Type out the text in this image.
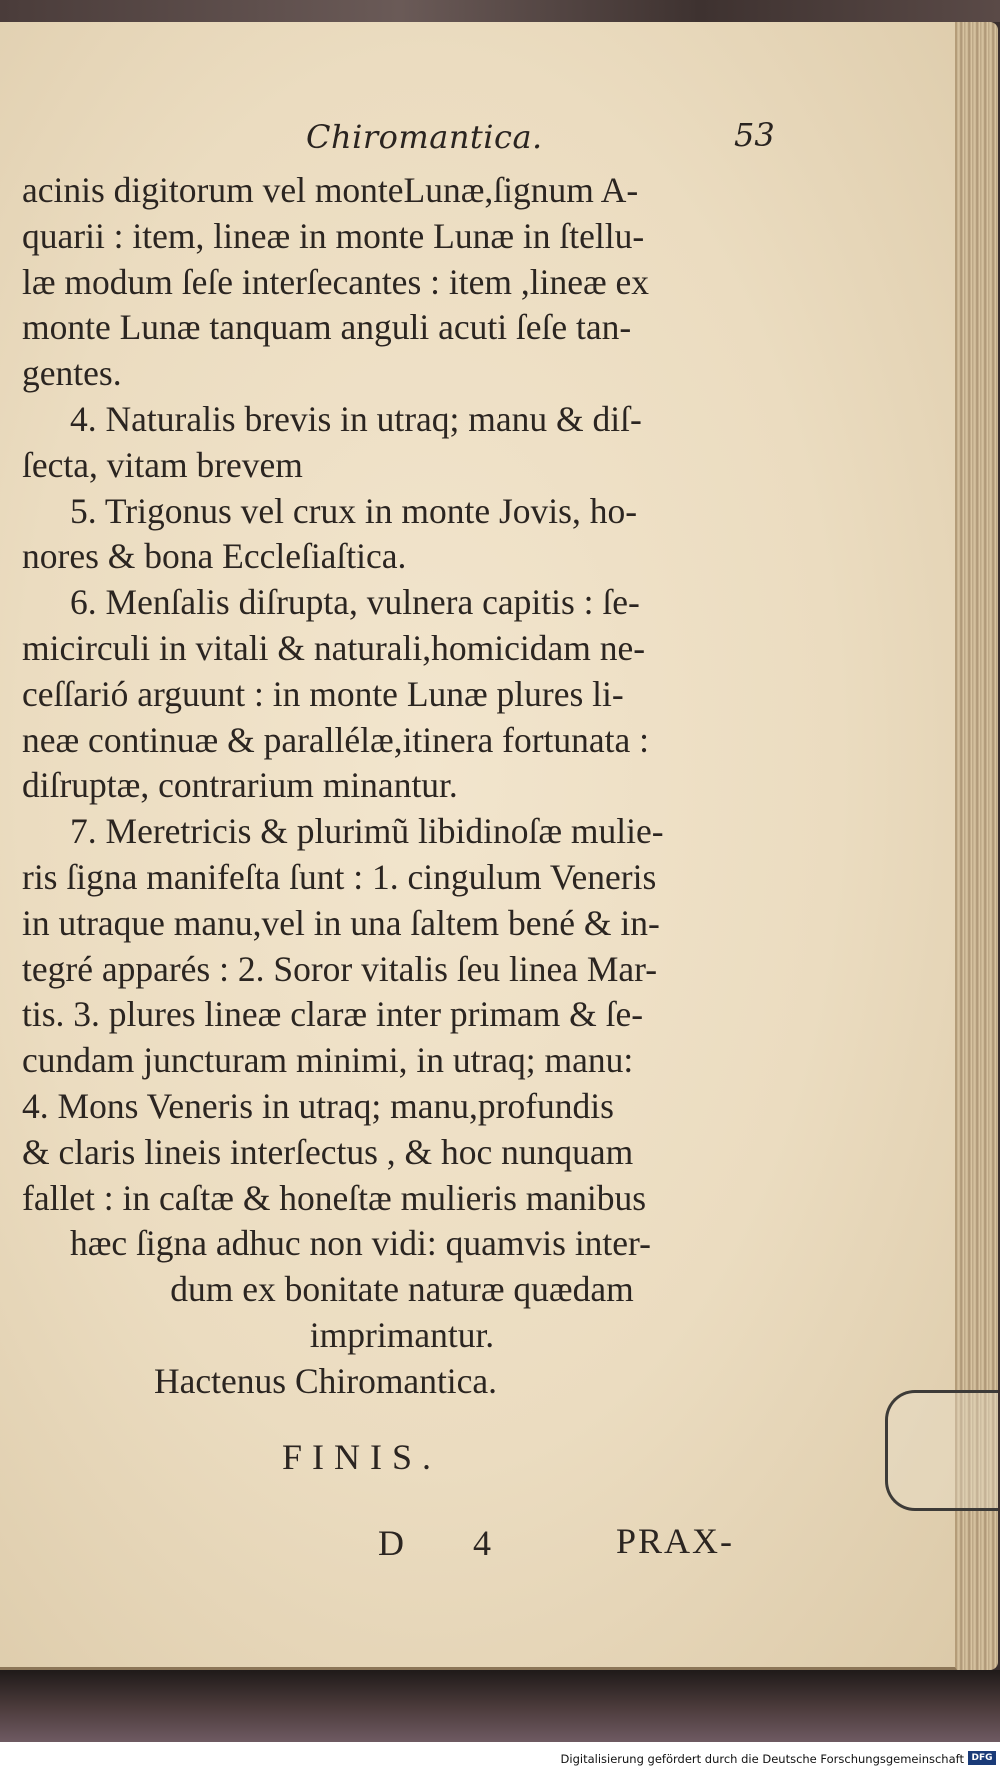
Chiromantica.	53
acinis digitorum vel monteLunæ,ſignum A-
quarii : item, lineæ in monte Lunæ in ſtellu-
læ modum ſeſe interſecantes : item ,lineæ ex
monte Lunæ tanquam anguli acuti ſeſe tan-
gentes.
4. Naturalis brevis in utraq; manu & diſ-
ſecta, vitam brevem
5. Trigonus vel crux in monte Jovis, ho-
nores & bona Eccleſiaſtica.
6. Menſalis diſrupta, vulnera capitis : ſe-
micirculi in vitali & naturali,homicidam ne-
ceſſarió arguunt : in monte Lunæ plures li-
neæ continuæ & parallélæ,itinera fortunata :
diſruptæ, contrarium minantur.
7. Meretricis & plurimũ libidinoſæ mulie-
ris ſigna manifeſta ſunt : 1. cingulum Veneris
in utraque manu,vel in una ſaltem bené & in-
tegré apparés : 2. Soror vitalis ſeu linea Mar-
tis. 3. plures lineæ claræ inter primam & ſe-
cundam juncturam minimi, in utraq; manu:
4. Mons Veneris in utraq; manu,profundis
& claris lineis interſectus , & hoc nunquam
fallet : in caſtæ & honeſtæ mulieris manibus
hæc ſigna adhuc non vidi: quamvis inter-
dum ex bonitate naturæ quædam
imprimantur.
Hactenus Chiromantica.
FINIS.
D 4	PRAX-
Digitalisierung gefördert durch die Deutsche Forschungsgemeinschaft DFG
